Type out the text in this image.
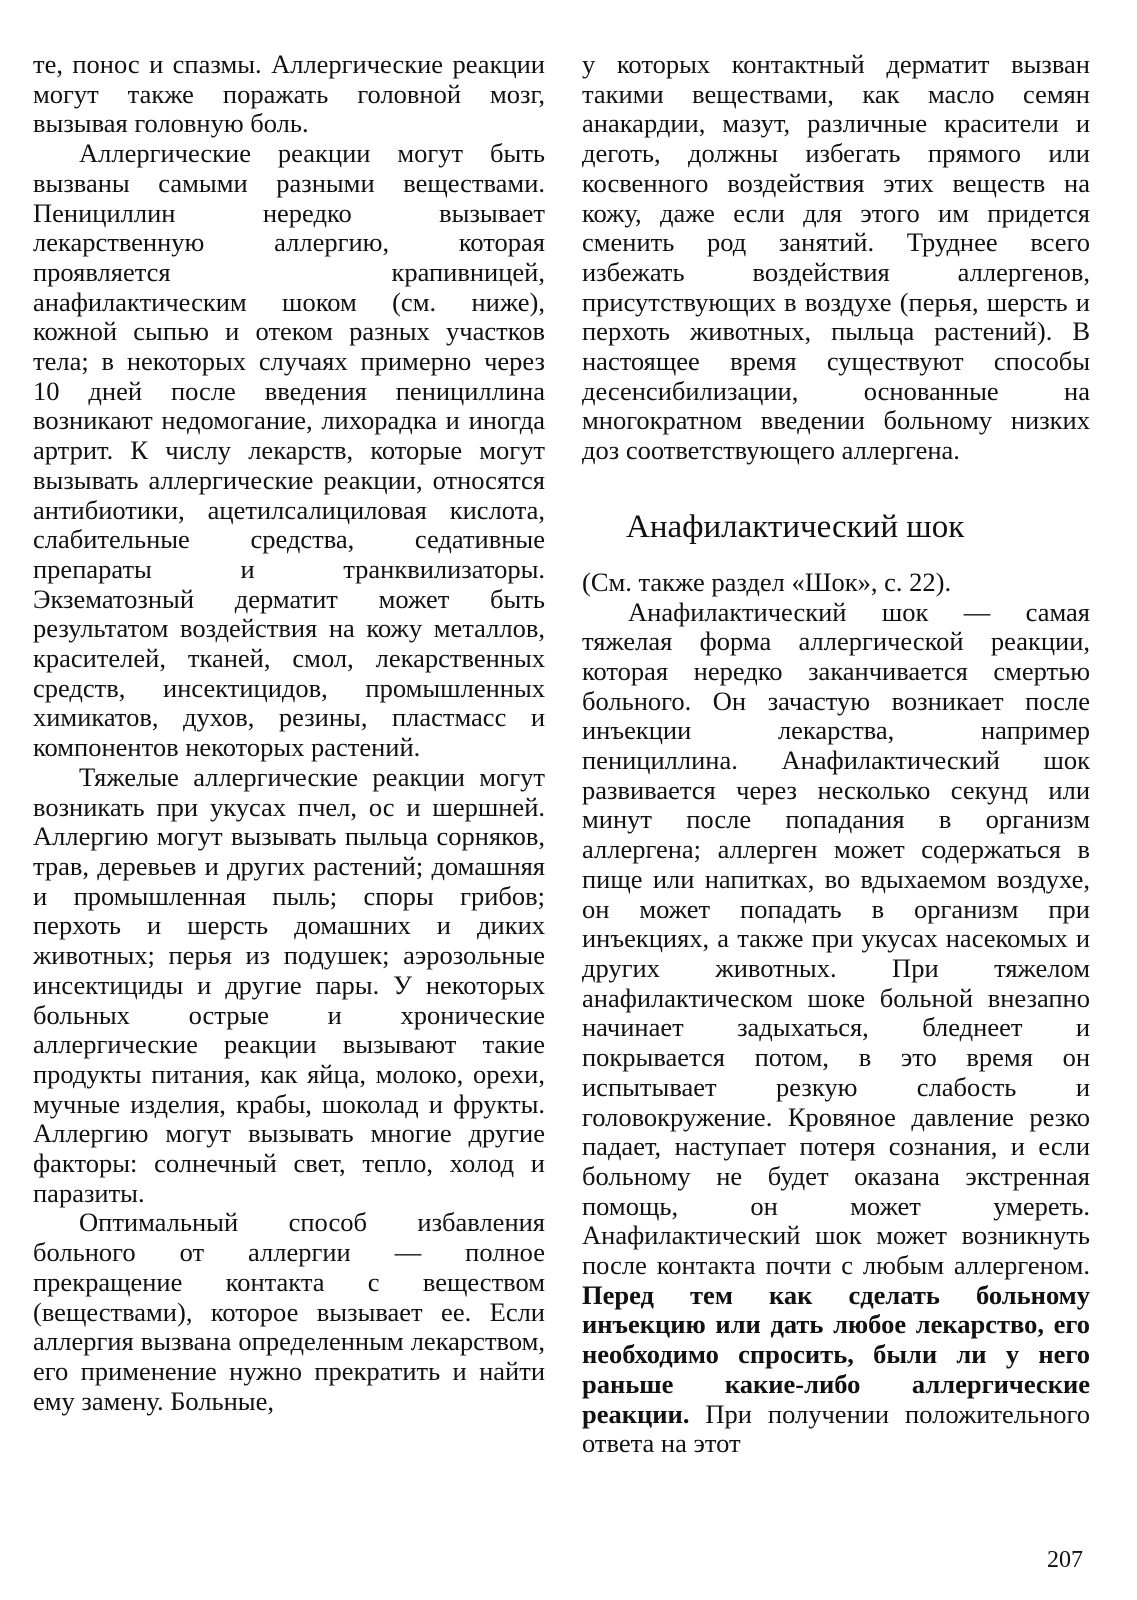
те, понос и спазмы. Аллергические реакции могут также поражать головной мозг, вызывая головную боль.

Аллергические реакции могут быть вызваны самыми разными веществами. Пенициллин нередко вызывает лекарственную аллергию, которая проявляется крапивницей, анафилактическим шоком (см. ниже), кожной сыпью и отеком разных участков тела; в некоторых случаях примерно через 10 дней после введения пенициллина возникают недомогание, лихорадка и иногда артрит. К числу лекарств, которые могут вызывать аллергические реакции, относятся антибиотики, ацетилсалициловая кислота, слабительные средства, седативные препараты и транквилизаторы. Экзематозный дерматит может быть результатом воздействия на кожу металлов, красителей, тканей, смол, лекарственных средств, инсектицидов, промышленных химикатов, духов, резины, пластмасс и компонентов некоторых растений.

Тяжелые аллергические реакции могут возникать при укусах пчел, ос и шершней. Аллергию могут вызывать пыльца сорняков, трав, деревьев и других растений; домашняя и промышленная пыль; споры грибов; перхоть и шерсть домашних и диких животных; перья из подушек; аэрозольные инсектициды и другие пары. У некоторых больных острые и хронические аллергические реакции вызывают такие продукты питания, как яйца, молоко, орехи, мучные изделия, крабы, шоколад и фрукты. Аллергию могут вызывать многие другие факторы: солнечный свет, тепло, холод и паразиты.

Оптимальный способ избавления больного от аллергии — полное прекращение контакта с веществом (веществами), которое вызывает ее. Если аллергия вызвана определенным лекарством, его применение нужно прекратить и найти ему замену. Больные,

у которых контактный дерматит вызван такими веществами, как масло семян анакардии, мазут, различные красители и деготь, должны избегать прямого или косвенного воздействия этих веществ на кожу, даже если для этого им придется сменить род занятий. Труднее всего избежать воздействия аллергенов, присутствующих в воздухе (перья, шерсть и перхоть животных, пыльца растений). В настоящее время существуют способы десенсибилизации, основанные на многократном введении больному низких доз соответствующего аллергена.

Анафилактический шок

(См. также раздел «Шок», с. 22).

Анафилактический шок — самая тяжелая форма аллергической реакции, которая нередко заканчивается смертью больного. Он зачастую возникает после инъекции лекарства, например пенициллина. Анафилактический шок развивается через несколько секунд или минут после попадания в организм аллергена; аллерген может содержаться в пище или напитках, во вдыхаемом воздухе, он может попадать в организм при инъекциях, а также при укусах насекомых и других животных. При тяжелом анафилактическом шоке больной внезапно начинает задыхаться, бледнеет и покрывается потом, в это время он испытывает резкую слабость и головокружение. Кровяное давление резко падает, наступает потеря сознания, и если больному не будет оказана экстренная помощь, он может умереть. Анафилактический шок может возникнуть после контакта почти с любым аллергеном. Перед тем как сделать больному инъекцию или дать любое лекарство, его необходимо спросить, были ли у него раньше какие-либо аллергические реакции. При получении положительного ответа на этот

207
